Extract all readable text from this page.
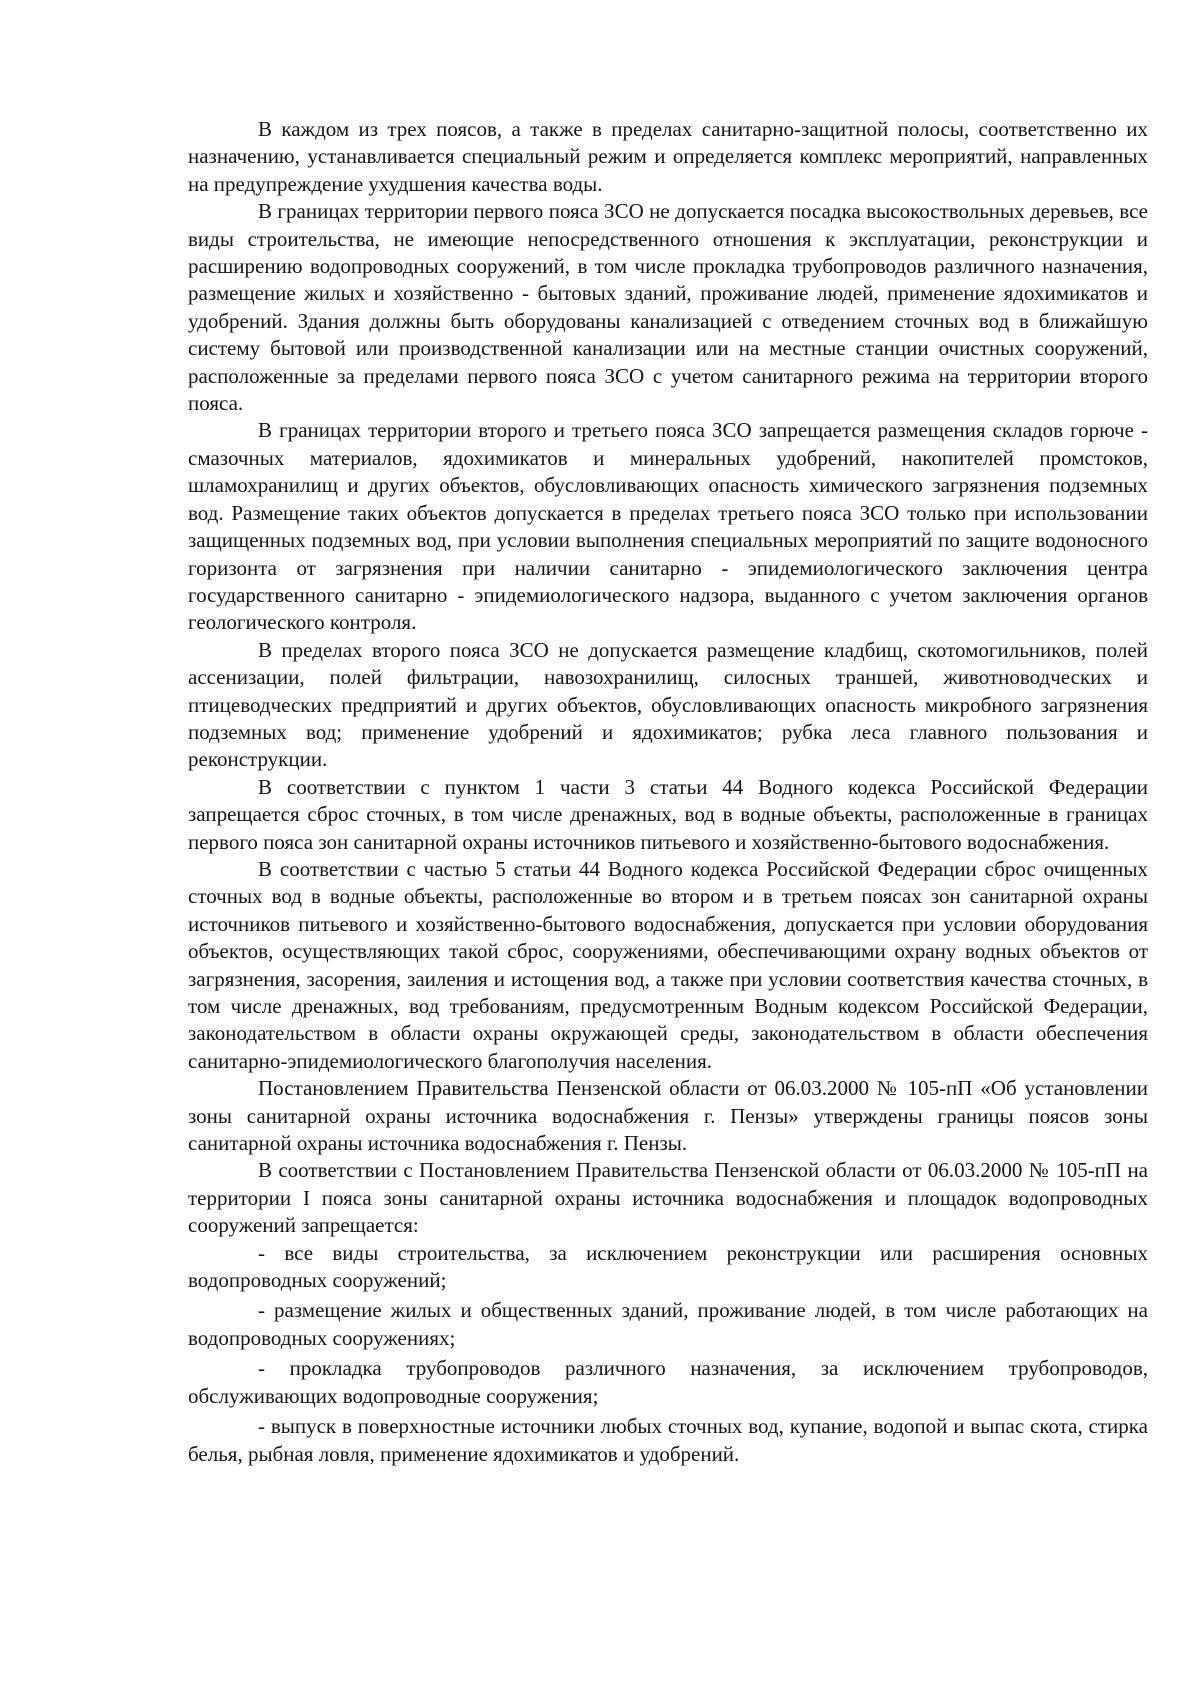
В каждом из трех поясов, а также в пределах санитарно-защитной полосы, соответственно их назначению, устанавливается специальный режим и определяется комплекс мероприятий, направленных на предупреждение ухудшения качества воды.

В границах территории первого пояса ЗСО не допускается посадка высокоствольных деревьев, все виды строительства, не имеющие непосредственного отношения к эксплуатации, реконструкции и расширению водопроводных сооружений, в том числе прокладка трубопроводов различного назначения, размещение жилых и хозяйственно - бытовых зданий, проживание людей, применение ядохимикатов и удобрений. Здания должны быть оборудованы канализацией с отведением сточных вод в ближайшую систему бытовой или производственной канализации или на местные станции очистных сооружений, расположенные за пределами первого пояса ЗСО с учетом санитарного режима на территории второго пояса.

В границах территории второго и третьего пояса ЗСО запрещается размещения складов горюче - смазочных материалов, ядохимикатов и минеральных удобрений, накопителей промстоков, шламохранилищ и других объектов, обусловливающих опасность химического загрязнения подземных вод. Размещение таких объектов допускается в пределах третьего пояса ЗСО только при использовании защищенных подземных вод, при условии выполнения специальных мероприятий по защите водоносного горизонта от загрязнения при наличии санитарно - эпидемиологического заключения центра государственного санитарно - эпидемиологического надзора, выданного с учетом заключения органов геологического контроля.

В пределах второго пояса ЗСО не допускается размещение кладбищ, скотомогильников, полей ассенизации, полей фильтрации, навозохранилищ, силосных траншей, животноводческих и птицеводческих предприятий и других объектов, обусловливающих опасность микробного загрязнения подземных вод; применение удобрений и ядохимикатов; рубка леса главного пользования и реконструкции.

В соответствии с пунктом 1 части 3 статьи 44 Водного кодекса Российской Федерации запрещается сброс сточных, в том числе дренажных, вод в водные объекты, расположенные в границах первого пояса зон санитарной охраны источников питьевого и хозяйственно-бытового водоснабжения.

В соответствии с частью 5 статьи 44 Водного кодекса Российской Федерации сброс очищенных сточных вод в водные объекты, расположенные во втором и в третьем поясах зон санитарной охраны источников питьевого и хозяйственно-бытового водоснабжения, допускается при условии оборудования объектов, осуществляющих такой сброс, сооружениями, обеспечивающими охрану водных объектов от загрязнения, засорения, заиления и истощения вод, а также при условии соответствия качества сточных, в том числе дренажных, вод требованиям, предусмотренным Водным кодексом Российской Федерации, законодательством в области охраны окружающей среды, законодательством в области обеспечения санитарно-эпидемиологического благополучия населения.

Постановлением Правительства Пензенской области от 06.03.2000 № 105-пП «Об установлении зоны санитарной охраны источника водоснабжения г. Пензы» утверждены границы поясов зоны санитарной охраны источника водоснабжения г. Пензы.

В соответствии с Постановлением Правительства Пензенской области от 06.03.2000 № 105-пП на территории I пояса зоны санитарной охраны источника водоснабжения и площадок водопроводных сооружений запрещается:

- все виды строительства, за исключением реконструкции или расширения основных водопроводных сооружений;

- размещение жилых и общественных зданий, проживание людей, в том числе работающих на водопроводных сооружениях;

- прокладка трубопроводов различного назначения, за исключением трубопроводов, обслуживающих водопроводные сооружения;

- выпуск в поверхностные источники любых сточных вод, купание, водопой и выпас скота, стирка белья, рыбная ловля, применение ядохимикатов и удобрений.
